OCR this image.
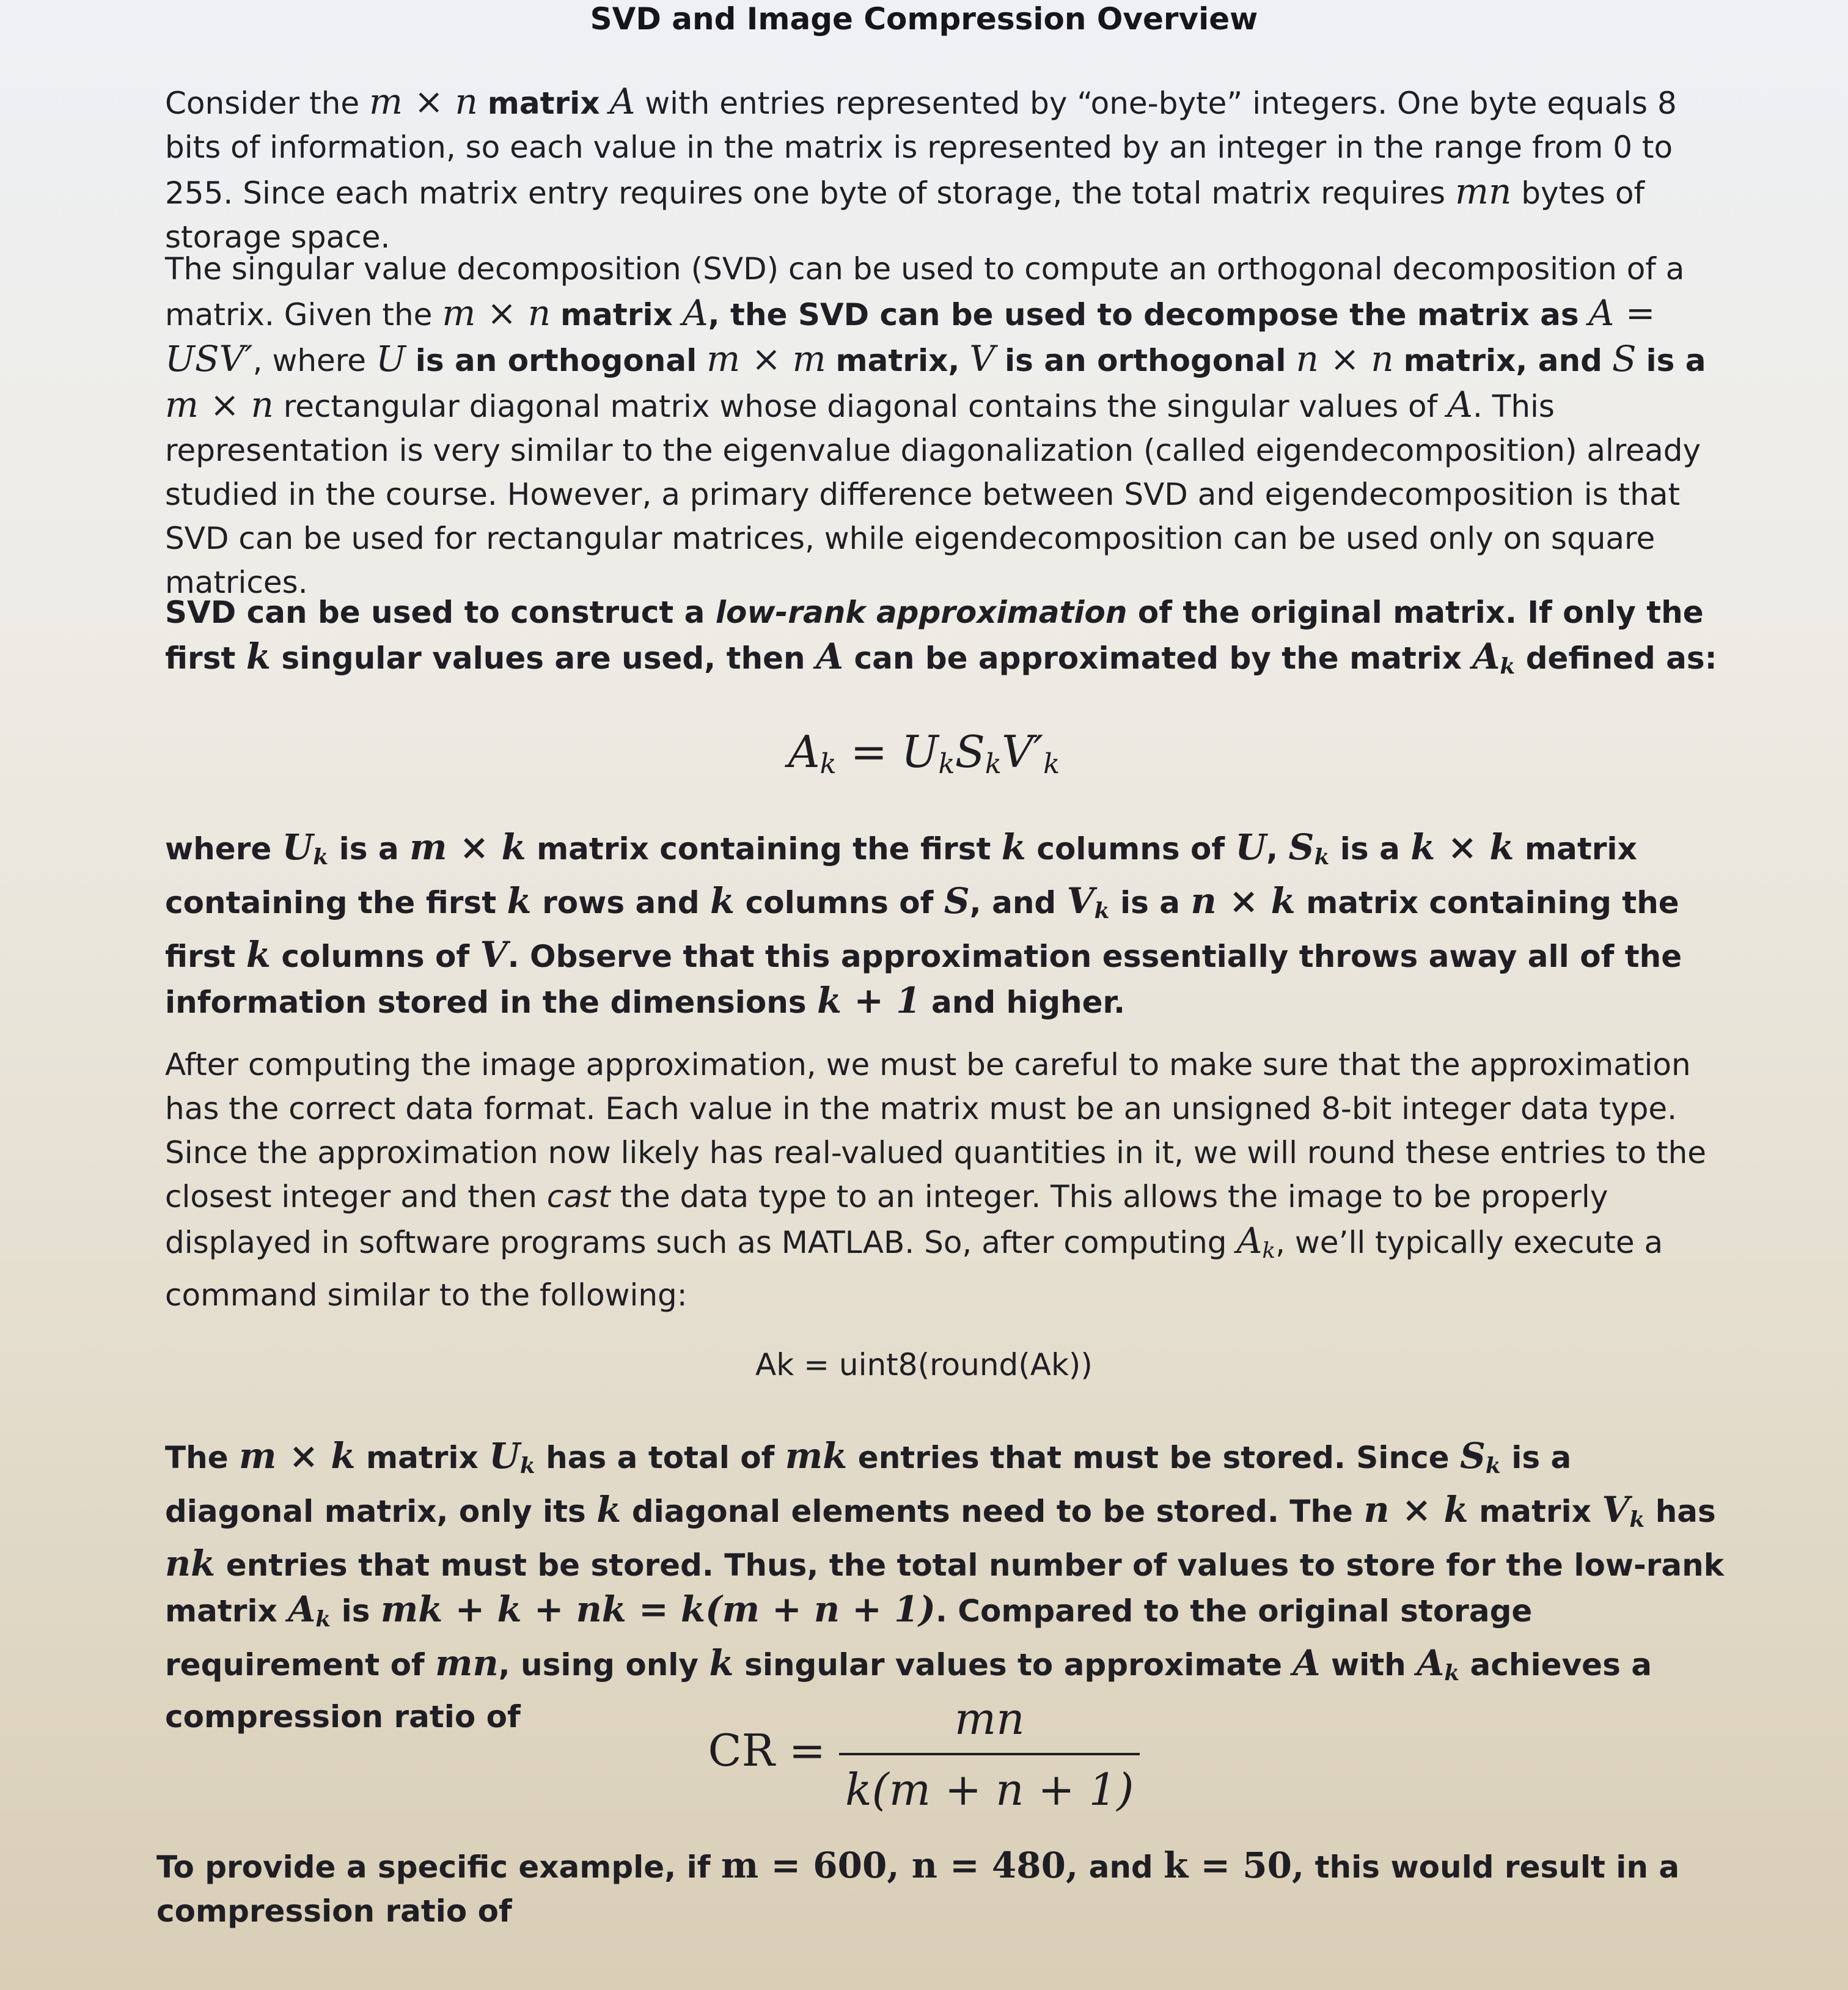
SVD and Image Compression Overview

Consider the m × n matrix A with entries represented by “one-byte” integers. One byte equals 8 bits of information, so each value in the matrix is represented by an integer in the range from 0 to 255. Since each matrix entry requires one byte of storage, the total matrix requires mn bytes of storage space.

The singular value decomposition (SVD) can be used to compute an orthogonal decomposition of a matrix. Given the m × n matrix A, the SVD can be used to decompose the matrix as A = USV′, where U is an orthogonal m × m matrix, V is an orthogonal n × n matrix, and S is a m × n rectangular diagonal matrix whose diagonal contains the singular values of A. This representation is very similar to the eigenvalue diagonalization (called eigendecomposition) already studied in the course. However, a primary difference between SVD and eigendecomposition is that SVD can be used for rectangular matrices, while eigendecomposition can be used only on square matrices.

SVD can be used to construct a low-rank approximation of the original matrix. If only the first k singular values are used, then A can be approximated by the matrix $A_k$ defined as:

$A_k = U_kS_kV'_k$

where $U_k$ is a m × k matrix containing the first k columns of U, $S_k$ is a k × k matrix containing the first k rows and k columns of S, and $V_k$ is a n × k matrix containing the first k columns of V. Observe that this approximation essentially throws away all of the information stored in the dimensions k + 1 and higher.

After computing the image approximation, we must be careful to make sure that the approximation has the correct data format. Each value in the matrix must be an unsigned 8-bit integer data type. Since the approximation now likely has real-valued quantities in it, we will round these entries to the closest integer and then cast the data type to an integer. This allows the image to be properly displayed in software programs such as MATLAB. So, after computing $A_k$, we’ll typically execute a command similar to the following:

Ak = uint8(round(Ak))

The m × k matrix $U_k$ has a total of mk entries that must be stored. Since $S_k$ is a diagonal matrix, only its k diagonal elements need to be stored. The n × k matrix $V_k$ has nk entries that must be stored. Thus, the total number of values to store for the low-rank matrix $A_k$ is mk + k + nk = k(m + n + 1). Compared to the original storage requirement of mn, using only k singular values to approximate A with $A_k$ achieves a compression ratio of

CR = $\frac{mn}{k(m + n + 1)}$

To provide a specific example, if m = 600, n = 480, and k = 50, this would result in a compression ratio of
